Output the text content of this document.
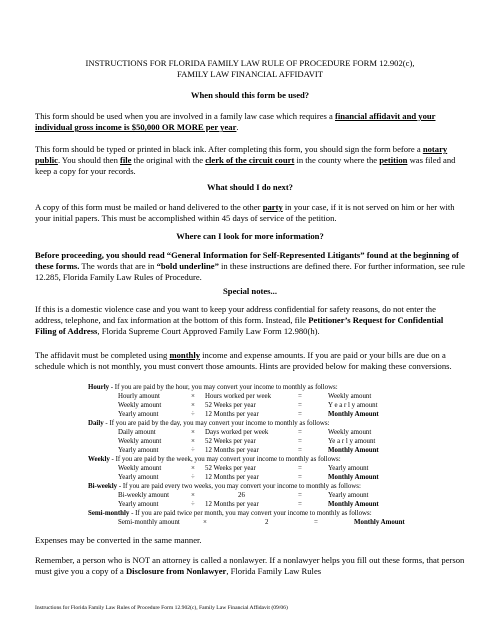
INSTRUCTIONS FOR FLORIDA FAMILY LAW RULE OF PROCEDURE FORM 12.902(c),
FAMILY LAW FINANCIAL AFFIDAVIT

When should this form be used?

This form should be used when you are involved in a family law case which requires a financial affidavit and your individual gross income is $50,000 OR MORE per year.

This form should be typed or printed in black ink. After completing this form, you should sign the form before a notary public. You should then file the original with the clerk of the circuit court in the county where the petition was filed and keep a copy for your records.

What should I do next?

A copy of this form must be mailed or hand delivered to the other party in your case, if it is not served on him or her with your initial papers. This must be accomplished within 45 days of service of the petition.

Where can I look for more information?

Before proceeding, you should read “General Information for Self-Represented Litigants” found at the beginning of these forms. The words that are in “bold underline” in these instructions are defined there. For further information, see rule 12.285, Florida Family Law Rules of Procedure.

Special notes...

If this is a domestic violence case and you want to keep your address confidential for safety reasons, do not enter the address, telephone, and fax information at the bottom of this form. Instead, file Petitioner’s Request for Confidential Filing of Address, Florida Supreme Court Approved Family Law Form 12.980(h).

The affidavit must be completed using monthly income and expense amounts. If you are paid or your bills are due on a schedule which is not monthly, you must convert those amounts. Hints are provided below for making these conversions.

Hourly - If you are paid by the hour, you may convert your income to monthly as follows:
Hourly amount	× Hours worked per week	=	Weekly amount
Weekly amount	× 52 Weeks per year	=	Y e a r l y amount
Yearly amount	÷ 12 Months per year	=	Monthly Amount
Daily - If you are paid by the day, you may convert your income to monthly as follows:
Daily amount	× Days worked per week	=	Weekly amount
Weekly amount	× 52 Weeks per year	=	Ye a r l y amount
Yearly amount	÷ 12 Months per year	=	Monthly Amount
Weekly - If you are paid by the week, you may convert your income to monthly as follows:
Weekly amount	× 52 Weeks per year	=	Yearly amount
Yearly amount	÷ 12 Months per year	=	Monthly Amount
Bi-weekly - If you are paid every two weeks, you may convert your income to monthly as follows:
Bi-weekly amount	×	26	=	Yearly amount
Yearly amount	÷ 12 Months per year	=	Monthly Amount
Semi-monthly - If you are paid twice per month, you may convert your income to monthly as follows:
Semi-monthly amount	×	2	=	Monthly Amount

Expenses may be converted in the same manner.

Remember, a person who is NOT an attorney is called a nonlawyer. If a nonlawyer helps you fill out these forms, that person must give you a copy of a Disclosure from Nonlawyer, Florida Family Law Rules

Instructions for Florida Family Law Rules of Procedure Form 12.902(c), Family Law Financial Affidavit (09/06)
